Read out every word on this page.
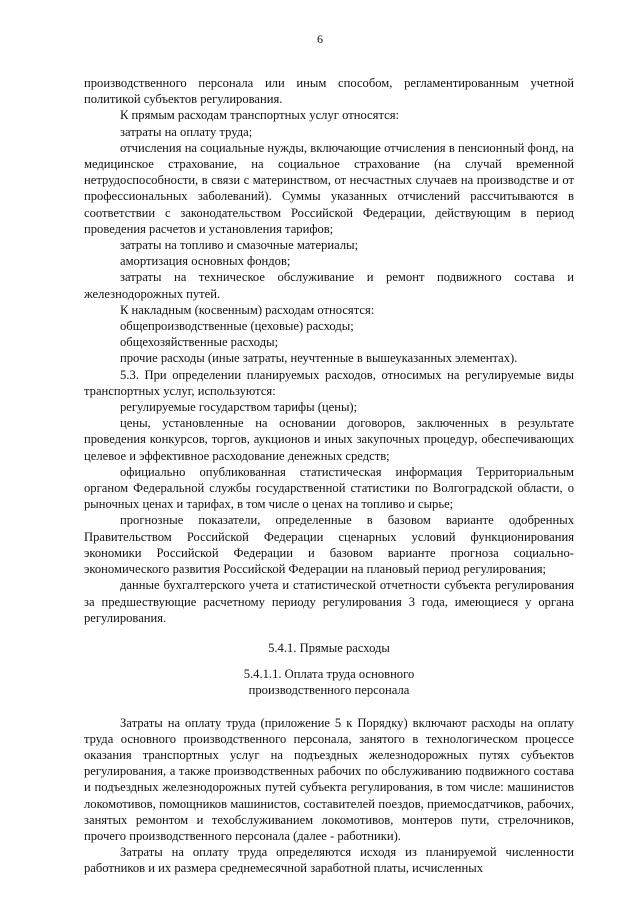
6

производственного персонала или иным способом, регламентированным учетной политикой субъектов регулирования.

К прямым расходам транспортных услуг относятся:

затраты на оплату труда;

отчисления на социальные нужды, включающие отчисления в пенсионный фонд, на медицинское страхование, на социальное страхование (на случай временной нетрудоспособности, в связи с материнством, от несчастных случаев на производстве и от профессиональных заболеваний). Суммы указанных отчислений рассчитываются в соответствии с законодательством Российской Федерации, действующим в период проведения расчетов и установления тарифов;

затраты на топливо и смазочные материалы;

амортизация основных фондов;

затраты на техническое обслуживание и ремонт подвижного состава и железнодорожных путей.

К накладным (косвенным) расходам относятся:

общепроизводственные (цеховые) расходы;

общехозяйственные расходы;

прочие расходы (иные затраты, неучтенные в вышеуказанных элементах).

5.3. При определении планируемых расходов, относимых на регулируемые виды транспортных услуг, используются:

регулируемые государством тарифы (цены);

цены, установленные на основании договоров, заключенных в результате проведения конкурсов, торгов, аукционов и иных закупочных процедур, обеспечивающих целевое и эффективное расходование денежных средств;

официально опубликованная статистическая информация Территориальным органом Федеральной службы государственной статистики по Волгоградской области, о рыночных ценах и тарифах, в том числе о ценах на топливо и сырье;

прогнозные показатели, определенные в базовом варианте одобренных Правительством Российской Федерации сценарных условий функционирования экономики Российской Федерации и базовом варианте прогноза социально-экономического развития Российской Федерации на плановый период регулирования;

данные бухгалтерского учета и статистической отчетности субъекта регулирования за предшествующие расчетному периоду регулирования 3 года, имеющиеся у органа регулирования.

5.4.1. Прямые расходы
5.4.1.1. Оплата труда основного
производственного персонала

Затраты на оплату труда (приложение 5 к Порядку) включают расходы на оплату труда основного производственного персонала, занятого в технологическом процессе оказания транспортных услуг на подъездных железнодорожных путях субъектов регулирования, а также производственных рабочих по обслуживанию подвижного состава и подъездных железнодорожных путей субъекта регулирования, в том числе: машинистов локомотивов, помощников машинистов, составителей поездов, приемосдатчиков, рабочих, занятых ремонтом и техобслуживанием локомотивов, монтеров пути, стрелочников, прочего производственного персонала (далее - работники).

Затраты на оплату труда определяются исходя из планируемой численности работников и их размера среднемесячной заработной платы, исчисленных
